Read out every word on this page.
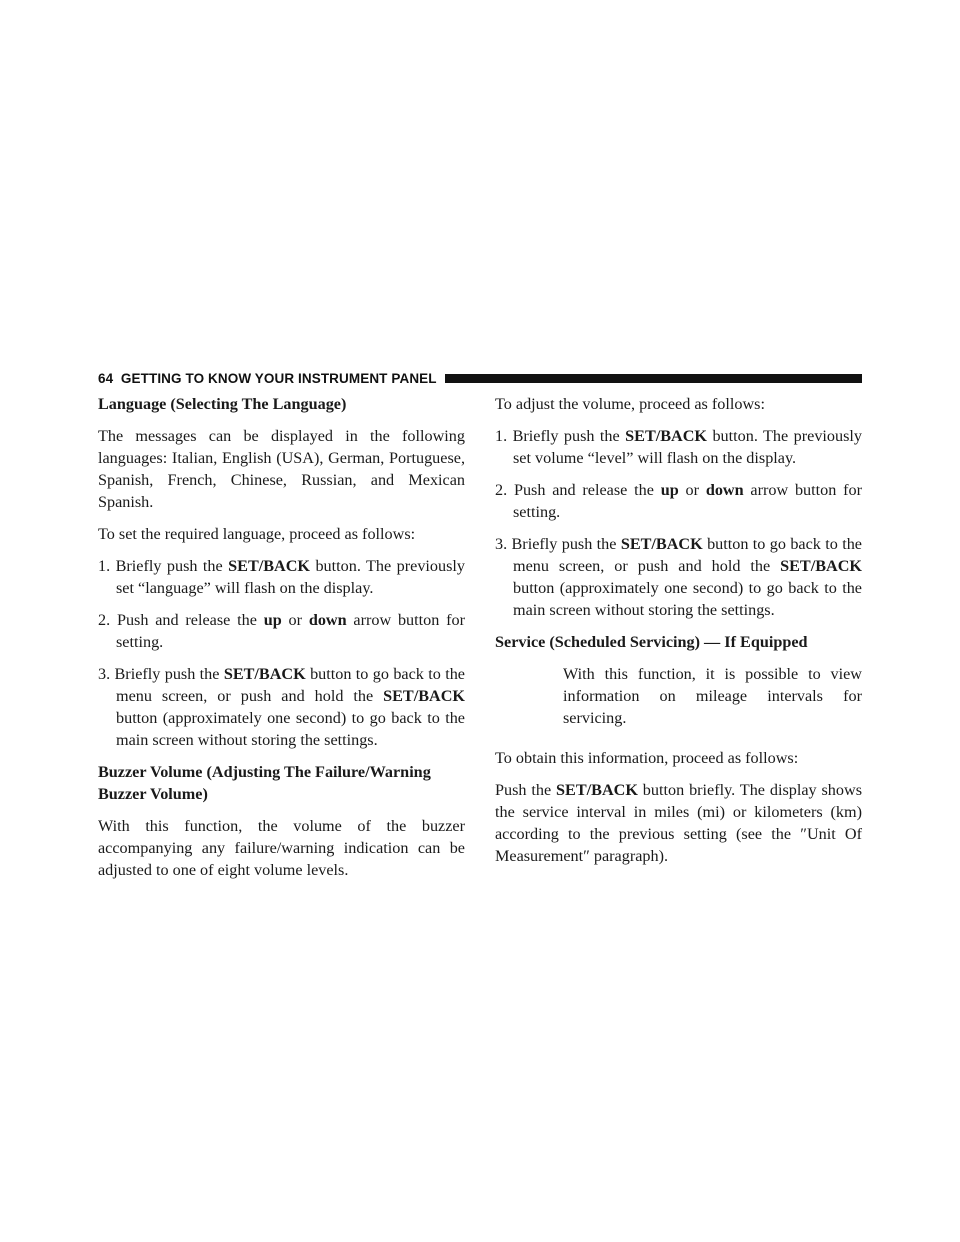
64 GETTING TO KNOW YOUR INSTRUMENT PANEL

Language (Selecting The Language)

The messages can be displayed in the following languages: Italian, English (USA), German, Portuguese, Spanish, French, Chinese, Russian, and Mexican Spanish.

To set the required language, proceed as follows:

1. Briefly push the SET/BACK button. The previously set “language” will flash on the display.

2. Push and release the up or down arrow button for setting.

3. Briefly push the SET/BACK button to go back to the menu screen, or push and hold the SET/BACK button (approximately one second) to go back to the main screen without storing the settings.

Buzzer Volume (Adjusting The Failure/Warning
Buzzer Volume)

With this function, the volume of the buzzer accompanying any failure/warning indication can be adjusted to one of eight volume levels.

To adjust the volume, proceed as follows:

1. Briefly push the SET/BACK button. The previously set volume “level” will flash on the display.

2. Push and release the up or down arrow button for setting.

3. Briefly push the SET/BACK button to go back to the menu screen, or push and hold the SET/BACK button (approximately one second) to go back to the main screen without storing the settings.

Service (Scheduled Servicing) — If Equipped

With this function, it is possible to view information on mileage intervals for servicing.

To obtain this information, proceed as follows:

Push the SET/BACK button briefly. The display shows the service interval in miles (mi) or kilometers (km) according to the previous setting (see the ″Unit Of Measurement″ paragraph).
